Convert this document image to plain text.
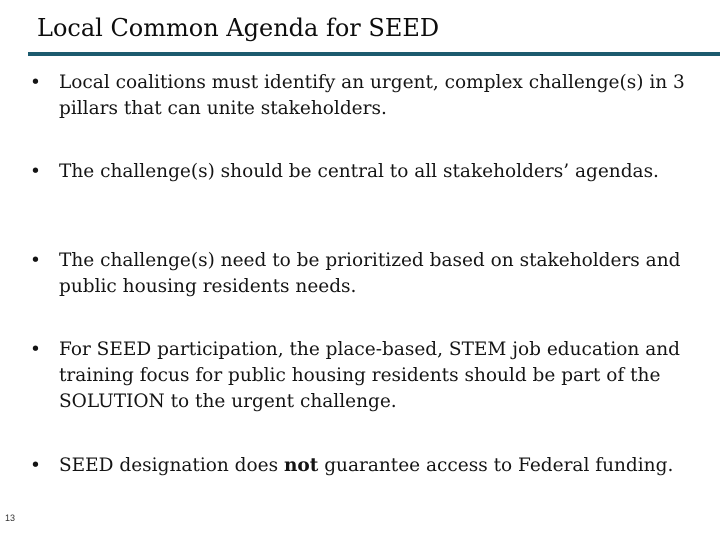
Local Common Agenda for SEED
• Local coalitions must identify an urgent, complex challenge(s) in 3 pillars that can unite stakeholders.
• The challenge(s) should be central to all stakeholders’ agendas.
• The challenge(s) need to be prioritized based on stakeholders and public housing residents needs.
• For SEED participation, the place-based, STEM job education and training focus for public housing residents should be part of the SOLUTION to the urgent challenge.
• SEED designation does not guarantee access to Federal funding.
13
